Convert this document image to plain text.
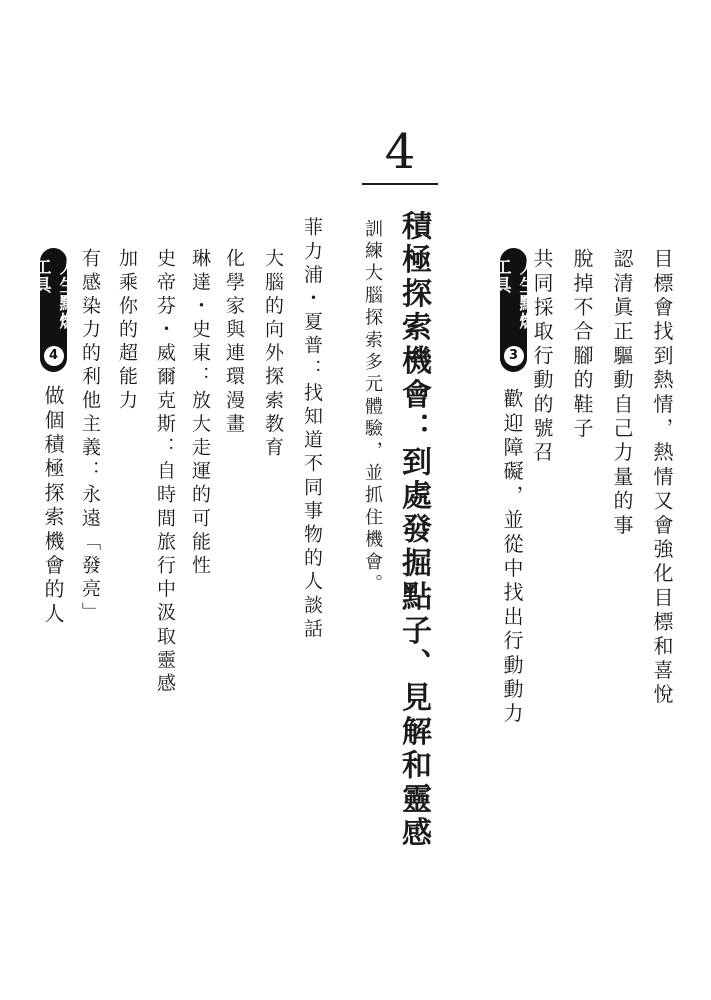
目標會找到熱情，熱情又會強化目標和喜悅
認清眞正驅動自己力量的事
脫掉不合腳的鞋子
共同採取行動的號召
人生點燃工具
3
歡迎障礙，並從中找出行動動力
4
積極探索機會：到處發掘點子、見解和靈感
訓練大腦探索多元體驗，並抓住機會。
菲力浦・夏普：找知道不同事物的人談話
大腦的向外探索教育
化學家與連環漫畫
琳達・史東：放大走運的可能性
史帝芬・威爾克斯：自時間旅行中汲取靈感
加乘你的超能力
有感染力的利他主義：永遠「發亮」
人生點燃工具
4
做個積極探索機會的人
